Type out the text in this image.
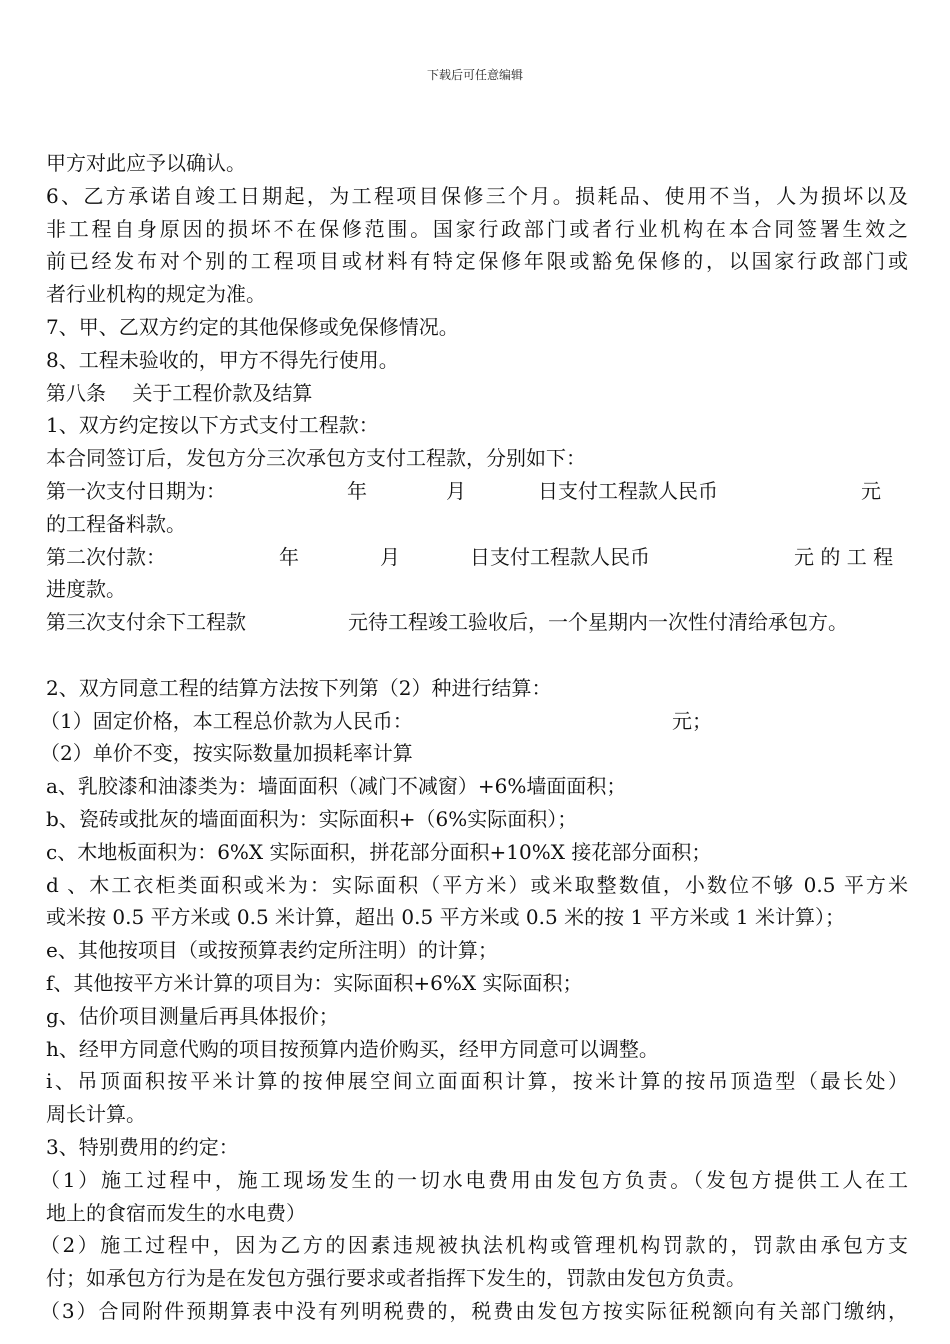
下载后可任意编辑
甲方对此应予以确认。
6、乙方承诺自竣工日期起，为工程项目保修三个月。损耗品、使用不当，人为损坏以及
非工程自身原因的损坏不在保修范围。国家行政部门或者行业机构在本合同签署生效之
前已经发布对个别的工程项目或材料有特定保修年限或豁免保修的，以国家行政部门或
者行业机构的规定为准。
7、甲、乙双方约定的其他保修或免保修情况。
8、工程未验收的，甲方不得先行使用。
第八条　 关于工程价款及结算
1、双方约定按以下方式支付工程款：
本合同签订后，发包方分三次承包方支付工程款，分别如下：
第一次支付日期为：	年	月	日支付工程款人民币	元
的工程备料款。
第二次付款：	年	月	日支付工程款人民币	元 的 工 程
进度款。
第三次支付余下工程款	元待工程竣工验收后，一个星期内一次性付清给承包方。
2、双方同意工程的结算方法按下列第（2）种进行结算：
（1）固定价格，本工程总价款为人民币：	元；
（2）单价不变，按实际数量加损耗率计算
a、乳胶漆和油漆类为：墙面面积（减门不减窗）+6%墙面面积；
b、瓷砖或批灰的墙面面积为：实际面积+（6%实际面积）；
c、木地板面积为：6%X 实际面积，拼花部分面积+10%X 接花部分面积；
d 、木工衣柜类面积或米为：实际面积（平方米）或米取整数值，小数位不够 0.5 平方米
或米按 0.5 平方米或 0.5 米计算，超出 0.5 平方米或 0.5 米的按 1 平方米或 1 米计算）；
e、其他按项目（或按预算表约定所注明）的计算；
f、其他按平方米计算的项目为：实际面积+6%X 实际面积；
g、估价项目测量后再具体报价；
h、经甲方同意代购的项目按预算内造价购买，经甲方同意可以调整。
i、吊顶面积按平米计算的按伸展空间立面面积计算，按米计算的按吊顶造型（最长处）
周长计算。
3、特别费用的约定：
（1）施工过程中，施工现场发生的一切水电费用由发包方负责。（发包方提供工人在工
地上的食宿而发生的水电费）
（2）施工过程中，因为乙方的因素违规被执法机构或管理机构罚款的，罚款由承包方支
付；如承包方行为是在发包方强行要求或者指挥下发生的，罚款由发包方负责。
（3）合同附件预期算表中没有列明税费的，税费由发包方按实际征税额向有关部门缴纳，
